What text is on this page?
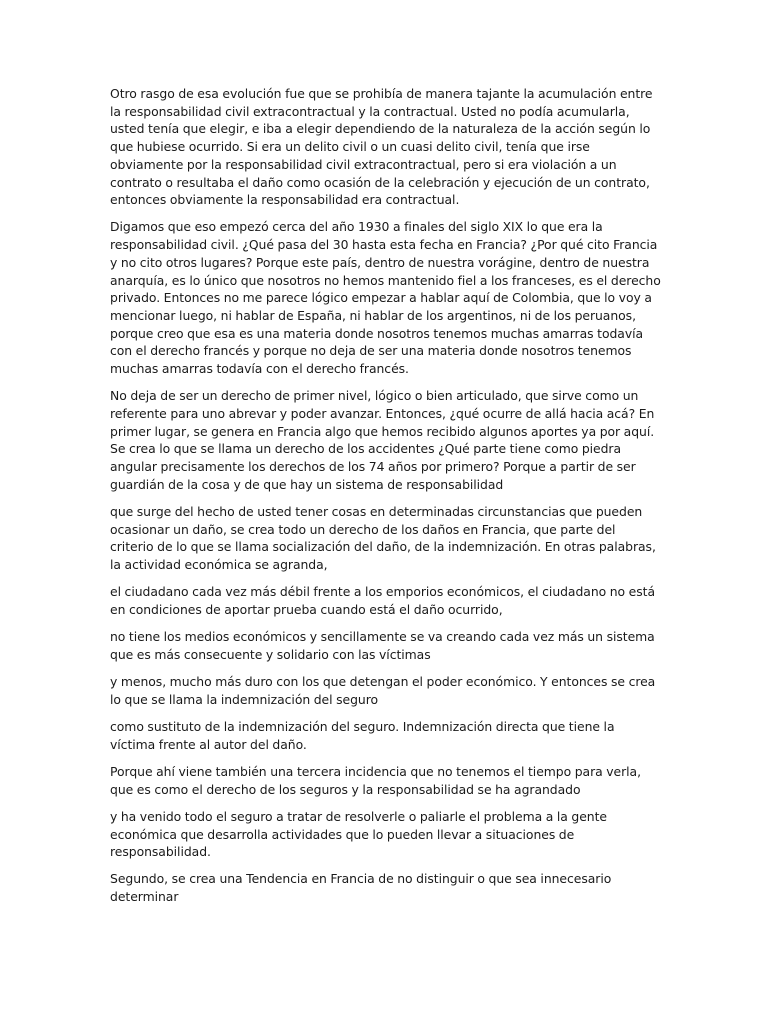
Otro rasgo de esa evolución fue que se prohibía de manera tajante la acumulación entre la responsabilidad civil extracontractual y la contractual. Usted no podía acumularla, usted tenía que elegir, e iba a elegir dependiendo de la naturaleza de la acción según lo que hubiese ocurrido. Si era un delito civil o un cuasi delito civil, tenía que irse obviamente por la responsabilidad civil extracontractual, pero si era violación a un contrato o resultaba el daño como ocasión de la celebración y ejecución de un contrato, entonces obviamente la responsabilidad era contractual.

Digamos que eso empezó cerca del año 1930 a finales del siglo XIX lo que era la responsabilidad civil. ¿Qué pasa del 30 hasta esta fecha en Francia? ¿Por qué cito Francia y no cito otros lugares? Porque este país, dentro de nuestra vorágine, dentro de nuestra anarquía, es lo único que nosotros no hemos mantenido fiel a los franceses, es el derecho privado. Entonces no me parece lógico empezar a hablar aquí de Colombia, que lo voy a mencionar luego, ni hablar de España, ni hablar de los argentinos, ni de los peruanos, porque creo que esa es una materia donde nosotros tenemos muchas amarras todavía con el derecho francés y porque no deja de ser una materia donde nosotros tenemos muchas amarras todavía con el derecho francés.

No deja de ser un derecho de primer nivel, lógico o bien articulado, que sirve como un referente para uno abrevar y poder avanzar. Entonces, ¿qué ocurre de allá hacia acá? En primer lugar, se genera en Francia algo que hemos recibido algunos aportes ya por aquí. Se crea lo que se llama un derecho de los accidentes ¿Qué parte tiene como piedra angular precisamente los derechos de los 74 años por primero? Porque a partir de ser guardián de la cosa y de que hay un sistema de responsabilidad

que surge del hecho de usted tener cosas en determinadas circunstancias que pueden ocasionar un daño, se crea todo un derecho de los daños en Francia, que parte del criterio de lo que se llama socialización del daño, de la indemnización. En otras palabras, la actividad económica se agranda,

el ciudadano cada vez más débil frente a los emporios económicos, el ciudadano no está en condiciones de aportar prueba cuando está el daño ocurrido,

no tiene los medios económicos y sencillamente se va creando cada vez más un sistema que es más consecuente y solidario con las víctimas

y menos, mucho más duro con los que detengan el poder económico. Y entonces se crea lo que se llama la indemnización del seguro

como sustituto de la indemnización del seguro. Indemnización directa que tiene la víctima frente al autor del daño.

Porque ahí viene también una tercera incidencia que no tenemos el tiempo para verla, que es como el derecho de los seguros y la responsabilidad se ha agrandado

y ha venido todo el seguro a tratar de resolverle o paliarle el problema a la gente económica que desarrolla actividades que lo pueden llevar a situaciones de responsabilidad.

Segundo, se crea una Tendencia en Francia de no distinguir o que sea innecesario determinar
